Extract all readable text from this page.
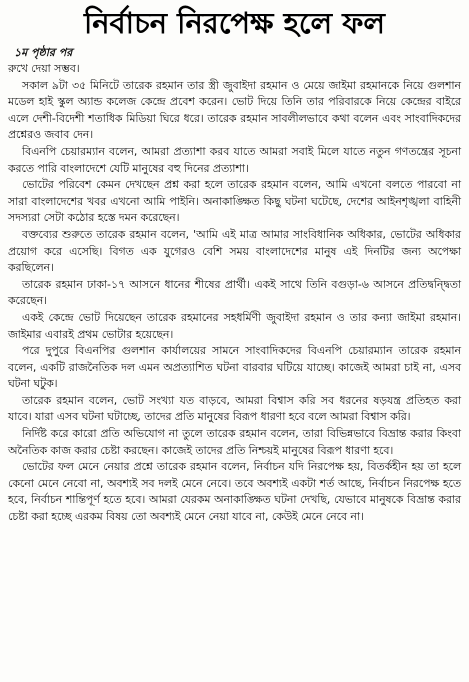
নির্বাচন নিরপেক্ষ হলে ফল
১ম পৃষ্ঠার পর

রুখে দেয়া সম্ভব।

সকাল ৯টা ৩৫ মিনিটে তারেক রহমান তার স্ত্রী জুবাইদা রহমান ও মেয়ে জাইমা রহমানকে নিয়ে গুলশান মডেল হাই স্কুল অ্যান্ড কলেজ কেন্দ্রে প্রবেশ করেন। ভোট দিয়ে তিনি তার পরিবারকে নিয়ে কেন্দ্রের বাইরে এলে দেশী-বিদেশী শতাধিক মিডিয়া ঘিরে ধরে। তারেক রহমান সাবলীলভাবে কথা বলেন এবং সাংবাদিকদের প্রশ্নেরও জবাব দেন।

বিএনপি চেয়ারম্যান বলেন, আমরা প্রত্যাশা করব যাতে আমরা সবাই মিলে যাতে নতুন গণতন্ত্রের সূচনা করতে পারি বাংলাদেশে যেটি মানুষের বহু দিনের প্রত্যাশা।

ভোটের পরিবেশ কেমন দেখছেন প্রশ্ন করা হলে তারেক রহমান বলেন, আমি এখনো বলতে পারবো না সারা বাংলাদেশের খবর এখনো আমি পাইনি। অনাকাঙ্ক্ষিত কিছু ঘটনা ঘটেছে, দেশের আইনশৃঙ্খলা বাহিনী সদস্যরা সেটা কঠোর হস্তে দমন করেছেন।

বক্তব্যের শুরুতে তারেক রহমান বলেন, 'আমি এই মাত্র আমার সাংবিধানিক অধিকার, ভোটের অধিকার প্রয়োগ করে এসেছি। বিগত এক যুগেরও বেশি সময় বাংলাদেশের মানুষ এই দিনটির জন্য অপেক্ষা করছিলেন।

তারেক রহমান ঢাকা-১৭ আসনে ধানের শীষের প্রার্থী। একই সাথে তিনি বগুড়া-৬ আসনে প্রতিদ্বন্দ্বিতা করেছেন।

একই কেন্দ্রে ভোট দিয়েছেন তারেক রহমানের সহধর্মিণী জুবাইদা রহমান ও তার কন্যা জাইমা রহমান। জাইমার এবারই প্রথম ভোটার হয়েছেন।

পরে দুপুরে বিএনপির গুলশান কার্যালয়ের সামনে সাংবাদিকদের বিএনপি চেয়ারম্যান তারেক রহমান বলেন, একটি রাজনৈতিক দল এমন অপ্রত্যাশিত ঘটনা বারবার ঘটিয়ে যাচ্ছে। কাজেই আমরা চাই না, এসব ঘটনা ঘটুক।

তারেক রহমান বলেন, ভোট সংখ্যা যত বাড়বে, আমরা বিশ্বাস করি সব ধরনের ষড়যন্ত্র প্রতিহত করা যাবে। যারা এসব ঘটনা ঘটাচ্ছে, তাদের প্রতি মানুষের বিরূপ ধারণা হবে বলে আমরা বিশ্বাস করি।

নির্দিষ্ট করে কারো প্রতি অভিযোগ না তুলে তারেক রহমান বলেন, তারা বিভিন্নভাবে বিভ্রান্ত করার কিংবা অনৈতিক কাজ করার চেষ্টা করছেন। কাজেই তাদের প্রতি নিশ্চয়ই মানুষের বিরূপ ধারণা হবে।

ভোটের ফল মেনে নেয়ার প্রশ্নে তারেক রহমান বলেন, নির্বাচন যদি নিরপেক্ষ হয়, বিতর্কহীন হয় তা হলে কেনো মেনে নেবো না, অবশ্যই সব দলই মেনে নেবে। তবে অবশ্যই একটা শর্ত আছে, নির্বাচন নিরপেক্ষ হতে হবে, নির্বাচন শান্তিপূর্ণ হতে হবে। আমরা যেরকম অনাকাঙ্ক্ষিত ঘটনা দেখছি, যেভাবে মানুষকে বিভ্রান্ত করার চেষ্টা করা হচ্ছে এরকম বিষয় তো অবশ্যই মেনে নেয়া যাবে না, কেউই মেনে নেবে না।
